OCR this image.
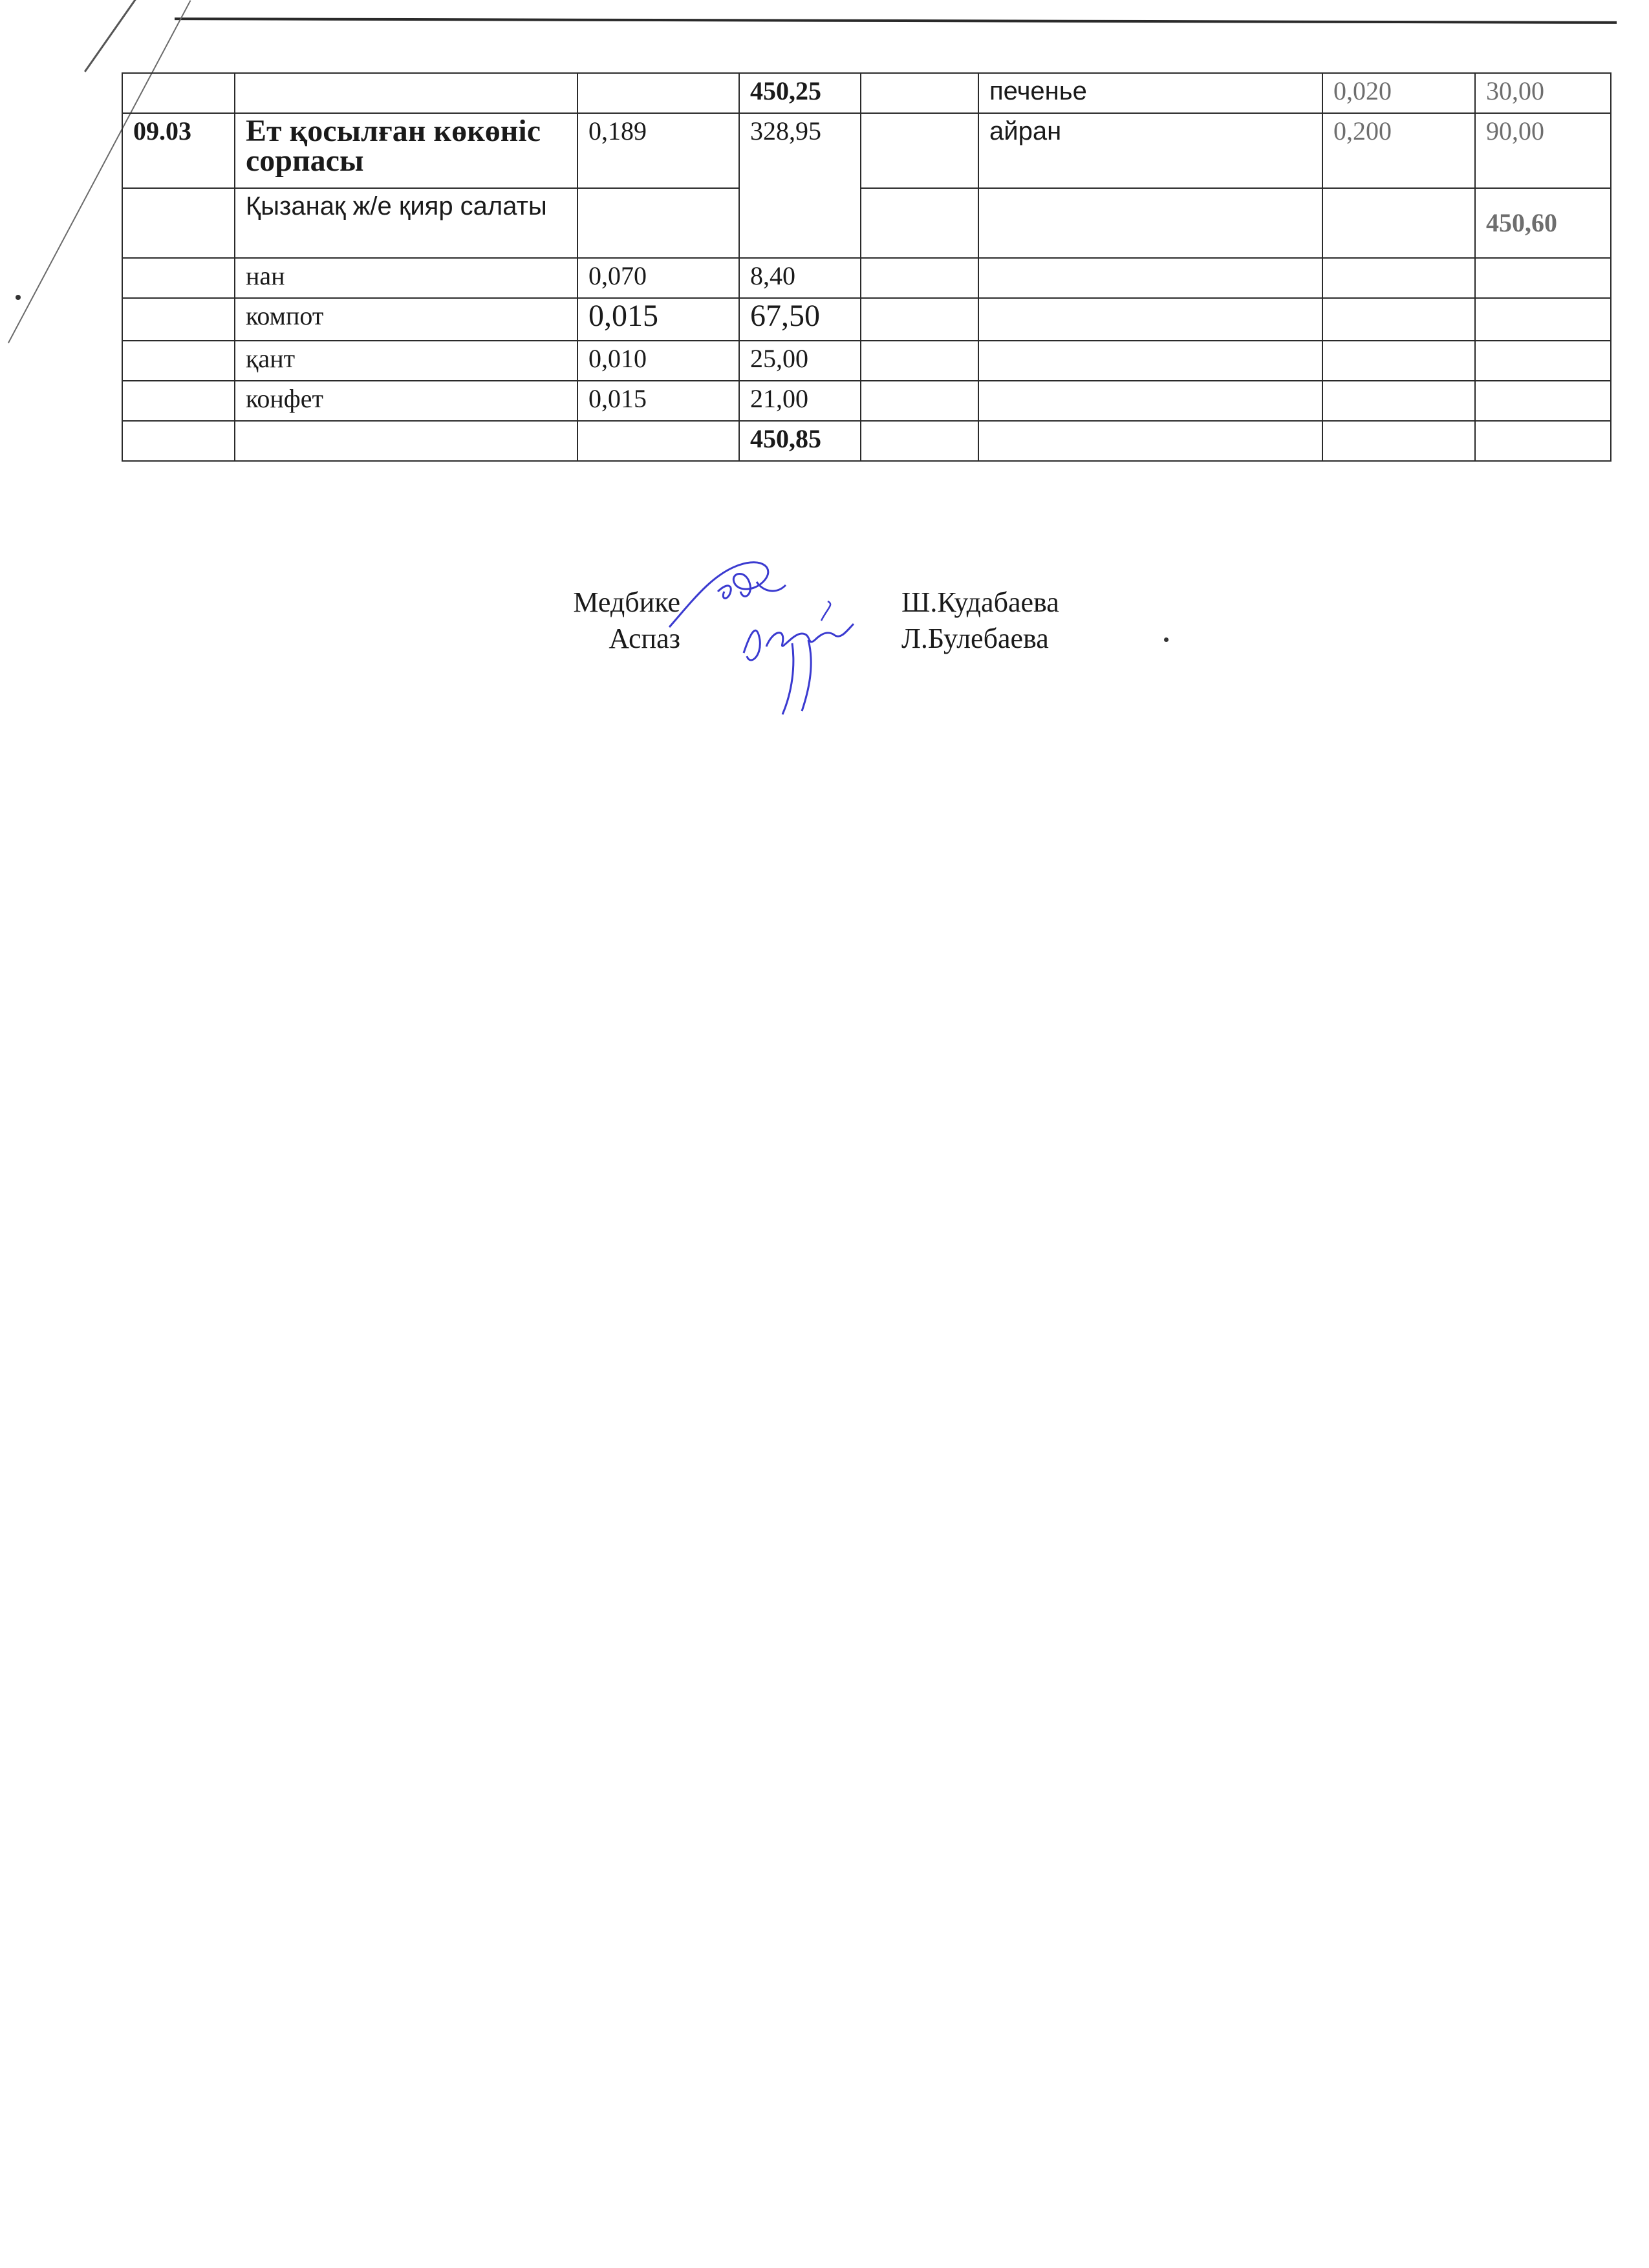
			450,25		печенье	0,020	30,00
09.03	Ет қосылған көкөніс сорпасы	0,189	328,95		айран	0,200	90,00
	Қызанақ ж/е қияр салаты						450,60
	нан	0,070	8,40				
	компот	0,015	67,50				
	қант	0,010	25,00				
	конфет	0,015	21,00				
			450,85				
Медбике	Ш.Кудабаева
Аспаз	Л.Булебаева
